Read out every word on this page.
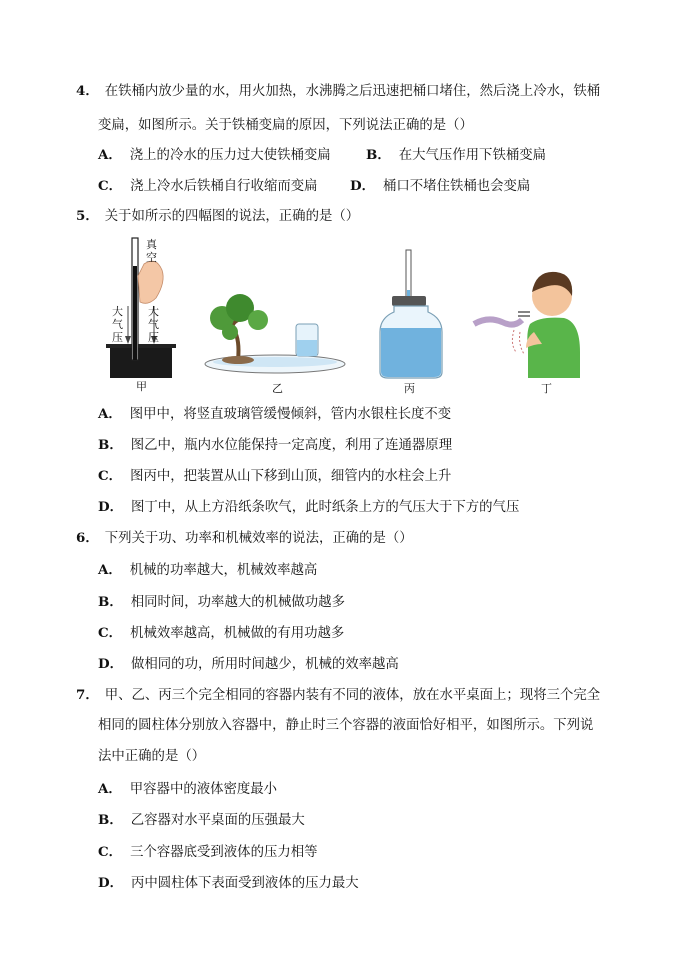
4． 在铁桶内放少量的水，用火加热，水沸腾之后迅速把桶口堵住，然后浇上冷水，铁桶
变扁，如图所示。关于铁桶变扁的原因，下列说法正确的是（）
A． 浇上的冷水的压力过大使铁桶变扁	B． 在大气压作用下铁桶变扁
C． 浇上冷水后铁桶自行收缩而变扁 D． 桶口不堵住铁桶也会变扁
5． 关于如所示的四幅图的说法，正确的是（）
真
空
大
气
压
大
气
压
甲	乙	丙	丁
A． 图甲中，将竖直玻璃管缓慢倾斜，管内水银柱长度不变
B． 图乙中，瓶内水位能保持一定高度，利用了连通器原理
C． 图丙中，把装置从山下移到山顶，细管内的水柱会上升
D． 图丁中，从上方沿纸条吹气，此时纸条上方的气压大于下方的气压
6． 下列关于功、功率和机械效率的说法，正确的是（）
A． 机械的功率越大，机械效率越高
B． 相同时间，功率越大的机械做功越多
C． 机械效率越高，机械做的有用功越多
D． 做相同的功，所用时间越少，机械的效率越高
7． 甲、乙、丙三个完全相同的容器内装有不同的液体，放在水平桌面上；现将三个完全
相同的圆柱体分别放入容器中，静止时三个容器的液面恰好相平，如图所示。下列说
法中正确的是（）
A． 甲容器中的液体密度最小
B． 乙容器对水平桌面的压强最大
C． 三个容器底受到液体的压力相等
D． 丙中圆柱体下表面受到液体的压力最大
